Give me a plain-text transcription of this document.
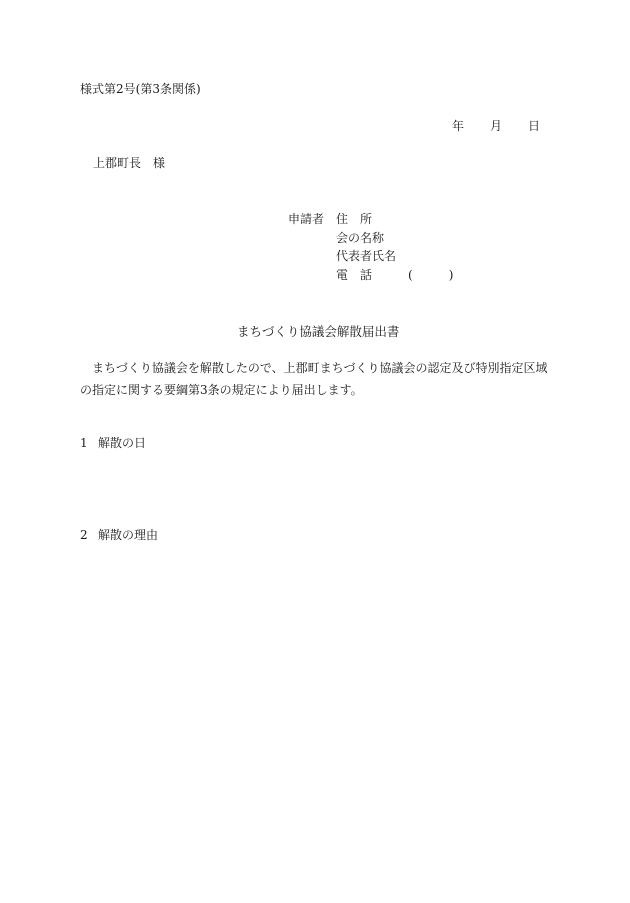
様式第2号(第3条関係)
年	月	日
上郡町長　様
申請者 住　所
会の名称
代表者氏名
電　話	(	)
まちづくり協議会解散届出書
まちづくり協議会を解散したので、上郡町まちづくり協議会の認定及び特別指定区域の指定に関する要綱第3条の規定により届出します。
1 解散の日
2 解散の理由
